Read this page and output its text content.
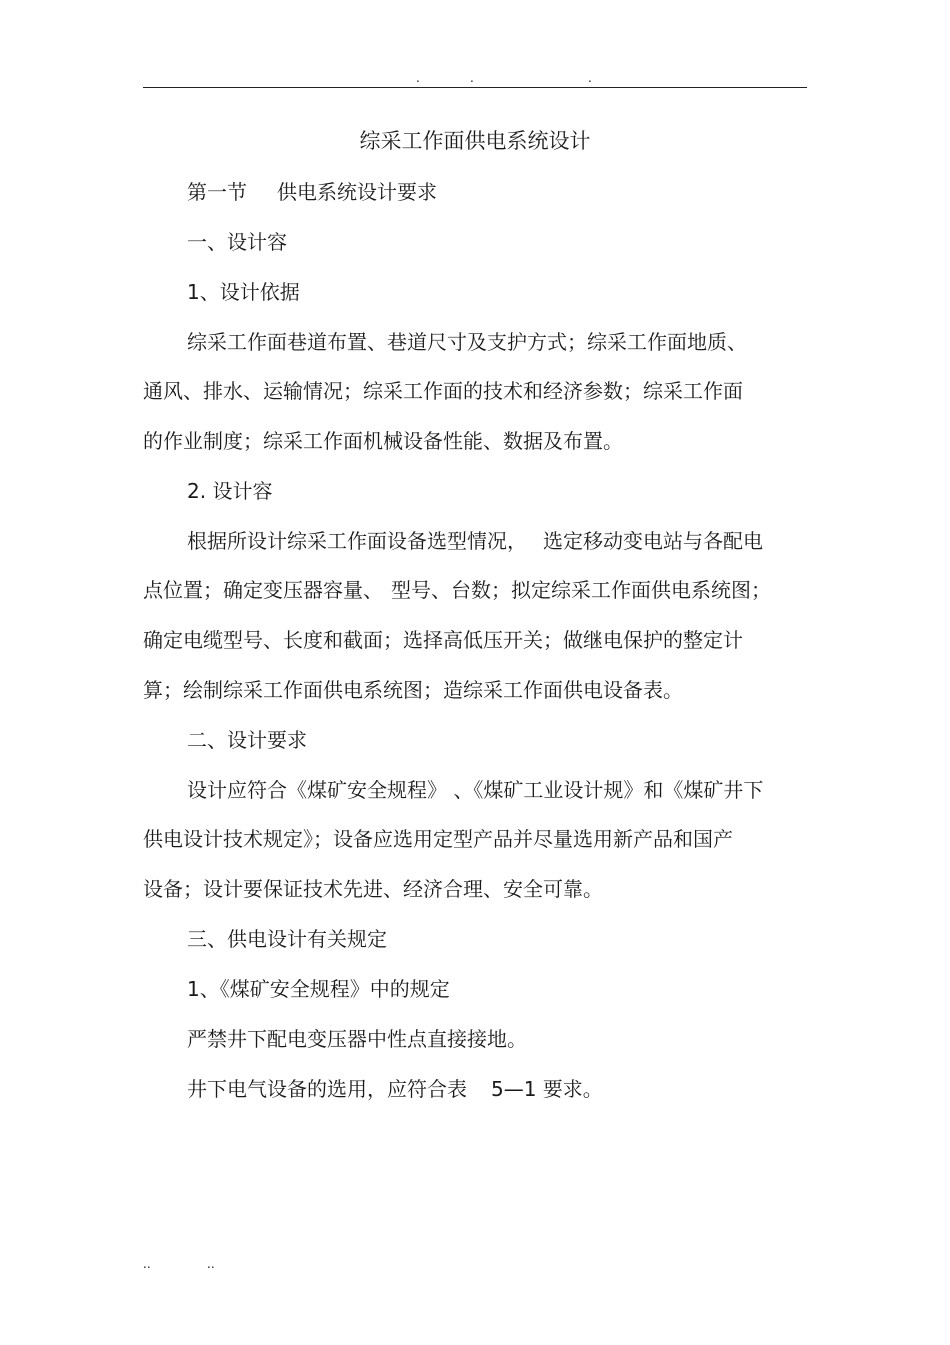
.	.	.
综采工作面供电系统设计
第一节 供电系统设计要求
一、设计容
1、设计依据
综采工作面巷道布置、巷道尺寸及支护方式；综采工作面地质、
通风、排水、运输情况；综采工作面的技术和经济参数；综采工作面
的作业制度；综采工作面机械设备性能、数据及布置。
2. 设计容
根据所设计综采工作面设备选型情况， 选定移动变电站与各配电
点位置；确定变压器容量、 型号、台数；拟定综采工作面供电系统图；
确定电缆型号、长度和截面；选择高低压开关；做继电保护的整定计
算；绘制综采工作面供电系统图；造综采工作面供电设备表。
二、设计要求
设计应符合《煤矿安全规程》 、《煤矿工业设计规》和《煤矿井下
供电设计技术规定》；设备应选用定型产品并尽量选用新产品和国产
设备；设计要保证技术先进、经济合理、安全可靠。
三、供电设计有关规定
1、《煤矿安全规程》中的规定
严禁井下配电变压器中性点直接接地。
井下电气设备的选用，应符合表 5—1 要求。
..	..
